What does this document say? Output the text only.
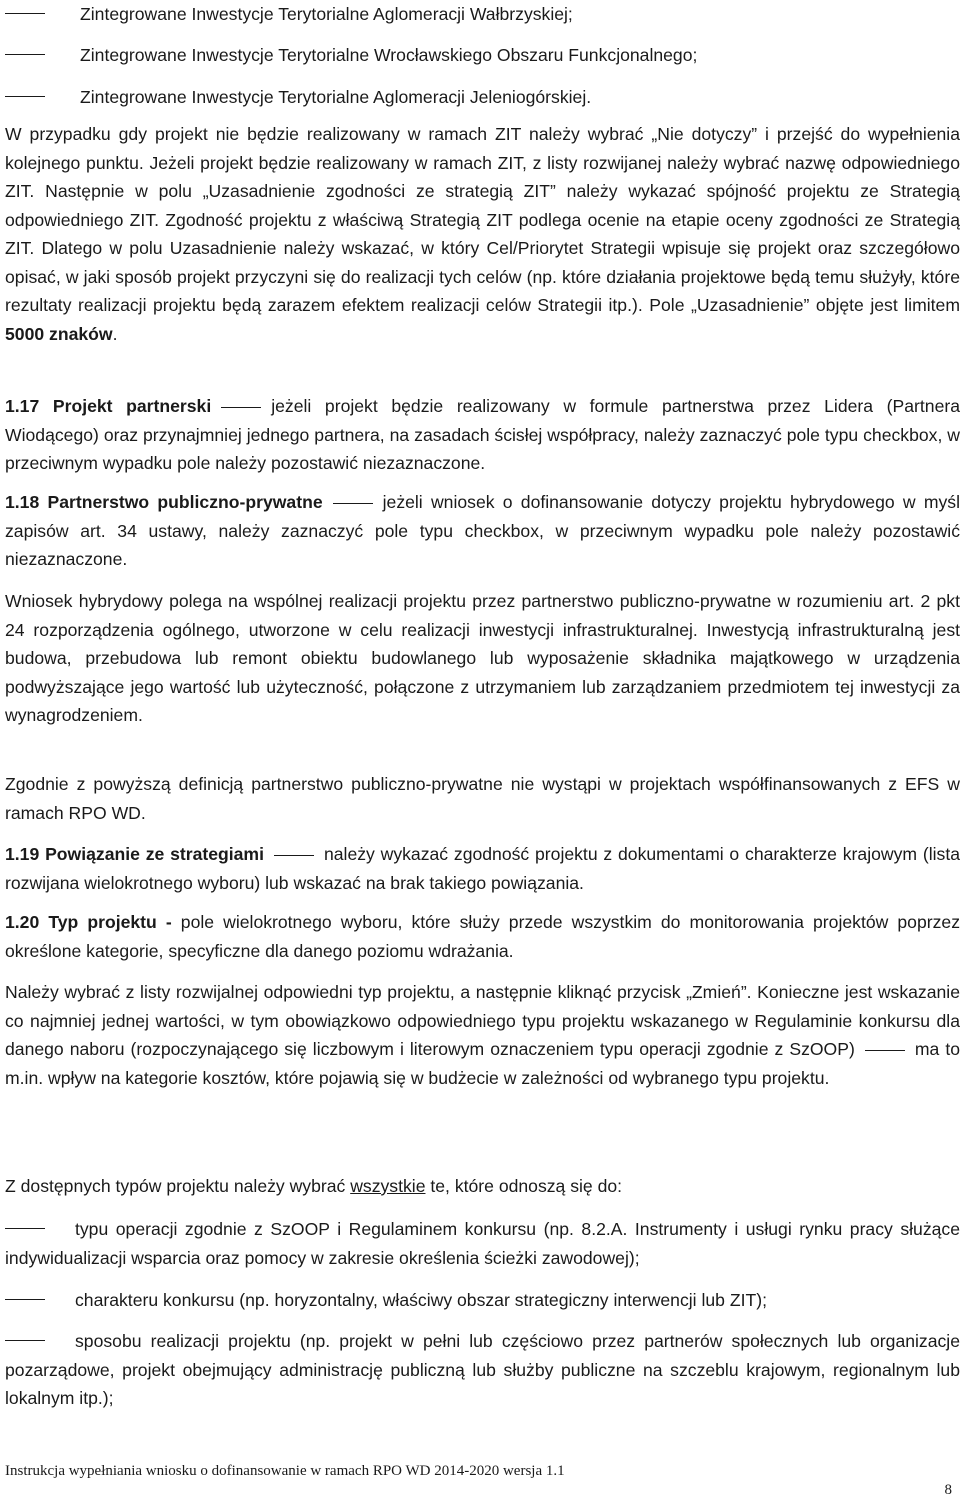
Zintegrowane Inwestycje Terytorialne Aglomeracji Wałbrzyskiej;
Zintegrowane Inwestycje Terytorialne Wrocławskiego Obszaru Funkcjonalnego;
Zintegrowane Inwestycje Terytorialne Aglomeracji Jeleniogórskiej.
W przypadku gdy projekt nie będzie realizowany w ramach ZIT należy wybrać „Nie dotyczy” i przejść do wypełnienia kolejnego punktu. Jeżeli projekt będzie realizowany w ramach ZIT, z listy rozwijanej należy wybrać nazwę odpowiedniego ZIT. Następnie w polu „Uzasadnienie zgodności ze strategią ZIT” należy wykazać spójność projektu ze Strategią odpowiedniego ZIT. Zgodność projektu z właściwą Strategią ZIT podlega ocenie na etapie oceny zgodności ze Strategią ZIT. Dlatego w polu Uzasadnienie należy wskazać, w który Cel/Priorytet Strategii wpisuje się projekt oraz szczegółowo opisać, w jaki sposób projekt przyczyni się do realizacji tych celów (np. które działania projektowe będą temu służyły, które rezultaty realizacji projektu będą zarazem efektem realizacji celów Strategii itp.). Pole „Uzasadnienie” objęte jest limitem 5000 znaków.
1.17 Projekt partnerski	jeżeli projekt będzie realizowany w formule partnerstwa przez Lidera (Partnera Wiodącego) oraz przynajmniej jednego partnera, na zasadach ścisłej współpracy, należy zaznaczyć pole typu checkbox, w przeciwnym wypadku pole należy pozostawić niezaznaczone.
1.18 Partnerstwo publiczno-prywatne	jeżeli wniosek o dofinansowanie dotyczy projektu hybrydowego w myśl zapisów art. 34 ustawy, należy zaznaczyć pole typu checkbox, w przeciwnym wypadku pole należy pozostawić niezaznaczone.
Wniosek hybrydowy polega na wspólnej realizacji projektu przez partnerstwo publiczno-prywatne w rozumieniu art. 2 pkt 24 rozporządzenia ogólnego, utworzone w celu realizacji inwestycji infrastrukturalnej. Inwestycją infrastrukturalną jest budowa, przebudowa lub remont obiektu budowlanego lub wyposażenie składnika majątkowego w urządzenia podwyższające jego wartość lub użyteczność, połączone z utrzymaniem lub zarządzaniem przedmiotem tej inwestycji za wynagrodzeniem.
Zgodnie z powyższą definicją partnerstwo publiczno-prywatne nie wystąpi w projektach współfinansowanych z EFS w ramach RPO WD.
1.19 Powiązanie ze strategiami	należy wykazać zgodność projektu z dokumentami o charakterze krajowym (lista rozwijana wielokrotnego wyboru) lub wskazać na brak takiego powiązania.
1.20 Typ projektu - pole wielokrotnego wyboru, które służy przede wszystkim do monitorowania projektów poprzez określone kategorie, specyficzne dla danego poziomu wdrażania.
Należy wybrać z listy rozwijalnej odpowiedni typ projektu, a następnie kliknąć przycisk „Zmień”. Konieczne jest wskazanie co najmniej jednej wartości, w tym obowiązkowo odpowiedniego typu projektu wskazanego w Regulaminie konkursu dla danego naboru (rozpoczynającego się liczbowym i literowym oznaczeniem typu operacji zgodnie z SzOOP)	ma to m.in. wpływ na kategorie kosztów, które pojawią się w budżecie w zależności od wybranego typu projektu.
Z dostępnych typów projektu należy wybrać wszystkie te, które odnoszą się do:
typu operacji zgodnie z SzOOP i Regulaminem konkursu (np. 8.2.A. Instrumenty i usługi rynku pracy służące indywidualizacji wsparcia oraz pomocy w zakresie określenia ścieżki zawodowej);
charakteru konkursu (np. horyzontalny, właściwy obszar strategiczny interwencji lub ZIT);
sposobu realizacji projektu (np. projekt w pełni lub częściowo przez partnerów społecznych lub organizacje pozarządowe, projekt obejmujący administrację publiczną lub służby publiczne na szczeblu krajowym, regionalnym lub lokalnym itp.);
Instrukcja wypełniania wniosku o dofinansowanie w ramach RPO WD 2014-2020 wersja 1.1
8
